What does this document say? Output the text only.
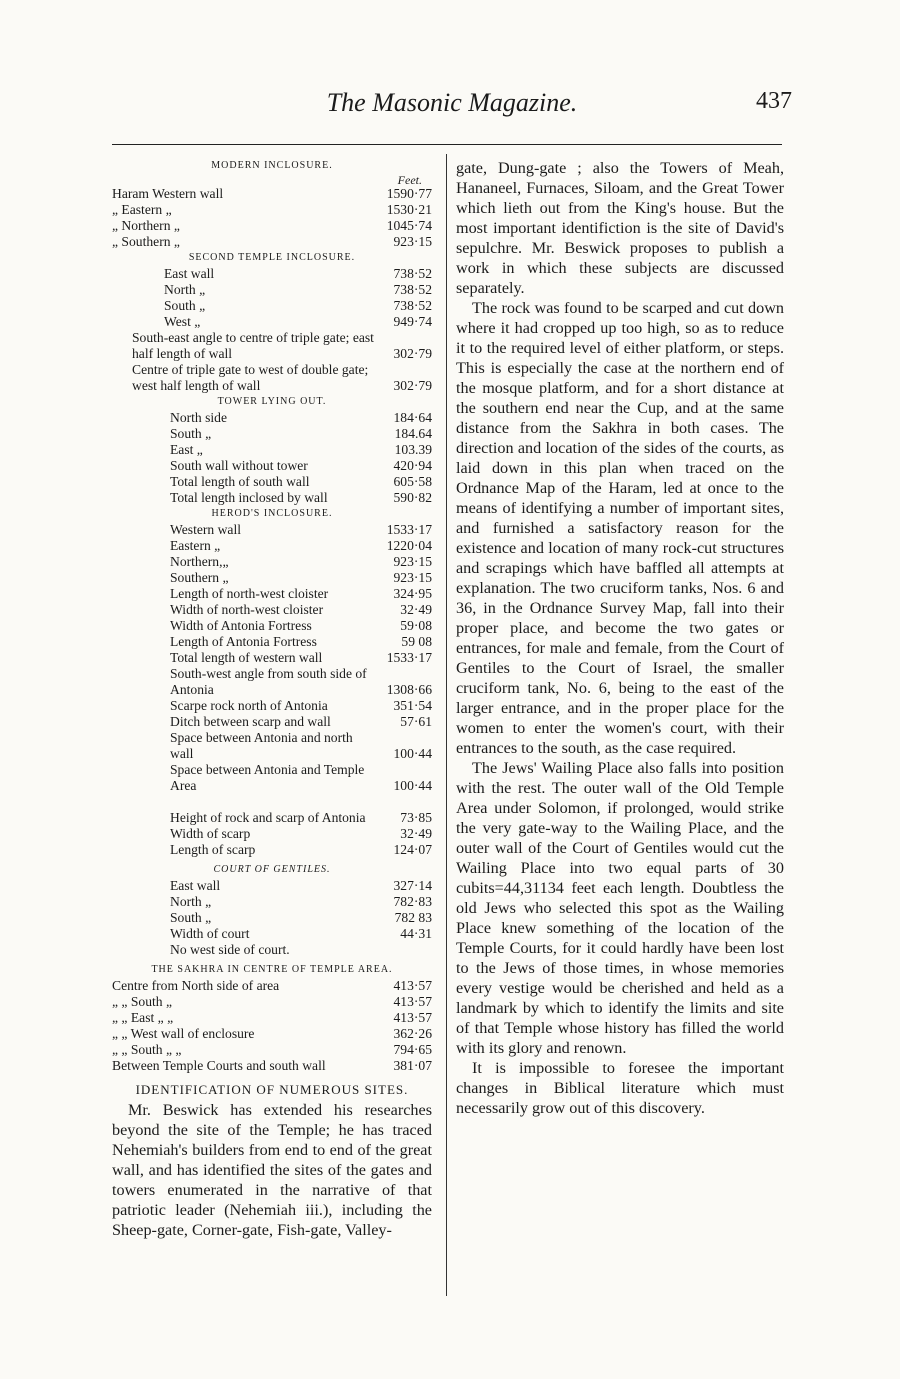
The Masonic Magazine.	437
MODERN INCLOSURE.
Feet.
Haram Western wall	1590·77
„ Eastern „	1530·21
„ Northern „	1045·74
„ Southern „	923·15
SECOND TEMPLE INCLOSURE.
East wall	738·52
North „	738·52
South „	738·52
West „	949·74
South-east angle to centre of triple gate; east half length of wall	302·79
Centre of triple gate to west of double gate; west half length of wall	302·79
TOWER LYING OUT.
North side	184·64
South „	184.64
East „	103.39
South wall without tower	420·94
Total length of south wall	605·58
Total length inclosed by wall	590·82
HEROD'S INCLOSURE.
Western wall	1533·17
Eastern „	1220·04
Northern,„	923·15
Southern „	923·15
Length of north-west cloister	324·95
Width of north-west cloister	32·49
Width of Antonia Fortress	59·08
Length of Antonia Fortress	59 08
Total length of western wall	1533·17
South-west angle from south side of Antonia	1308·66
Scarpe rock north of Antonia	351·54
Ditch between scarp and wall	57·61
Space between Antonia and north wall	100·44
Space between Antonia and Temple Area	100·44
Height of rock and scarp of Antonia	73·85
Width of scarp	32·49
Length of scarp	124·07
COURT OF GENTILES.
East wall	327·14
North „	782·83
South „	782 83
Width of court	44·31
No west side of court.
THE SAKHRA IN CENTRE OF TEMPLE AREA.
Centre from North side of area	413·57
„ „ South „	413·57
„ „ East „ „	413·57
„ „ West wall of enclosure	362·26
„ „ South „ „	794·65
Between Temple Courts and south wall	381·07
IDENTIFICATION OF NUMEROUS SITES.

Mr. Beswick has extended his researches beyond the site of the Temple; he has traced Nehemiah's builders from end to end of the great wall, and has identified the sites of the gates and towers enumerated in the narrative of that patriotic leader (Nehemiah iii.), including the Sheep-gate, Corner-gate, Fish-gate, Valley-

gate, Dung-gate ; also the Towers of Meah, Hananeel, Furnaces, Siloam, and the Great Tower which lieth out from the King's house. But the most important identifiction is the site of David's sepulchre. Mr. Beswick proposes to publish a work in which these subjects are discussed separately.

The rock was found to be scarped and cut down where it had cropped up too high, so as to reduce it to the required level of either platform, or steps. This is especially the case at the northern end of the mosque platform, and for a short distance at the southern end near the Cup, and at the same distance from the Sakhra in both cases. The direction and location of the sides of the courts, as laid down in this plan when traced on the Ordnance Map of the Haram, led at once to the means of identifying a number of important sites, and furnished a satisfactory reason for the existence and location of many rock-cut structures and scrapings which have baffled all attempts at explanation. The two cruciform tanks, Nos. 6 and 36, in the Ordnance Survey Map, fall into their proper place, and become the two gates or entrances, for male and female, from the Court of Gentiles to the Court of Israel, the smaller cruciform tank, No. 6, being to the east of the larger entrance, and in the proper place for the women to enter the women's court, with their entrances to the south, as the case required.

The Jews' Wailing Place also falls into position with the rest. The outer wall of the Old Temple Area under Solomon, if prolonged, would strike the very gate-way to the Wailing Place, and the outer wall of the Court of Gentiles would cut the Wailing Place into two equal parts of 30 cubits=44,31134 feet each length. Doubtless the old Jews who selected this spot as the Wailing Place knew something of the location of the Temple Courts, for it could hardly have been lost to the Jews of those times, in whose memories every vestige would be cherished and held as a landmark by which to identify the limits and site of that Temple whose history has filled the world with its glory and renown.

It is impossible to foresee the important changes in Biblical literature which must necessarily grow out of this discovery.
